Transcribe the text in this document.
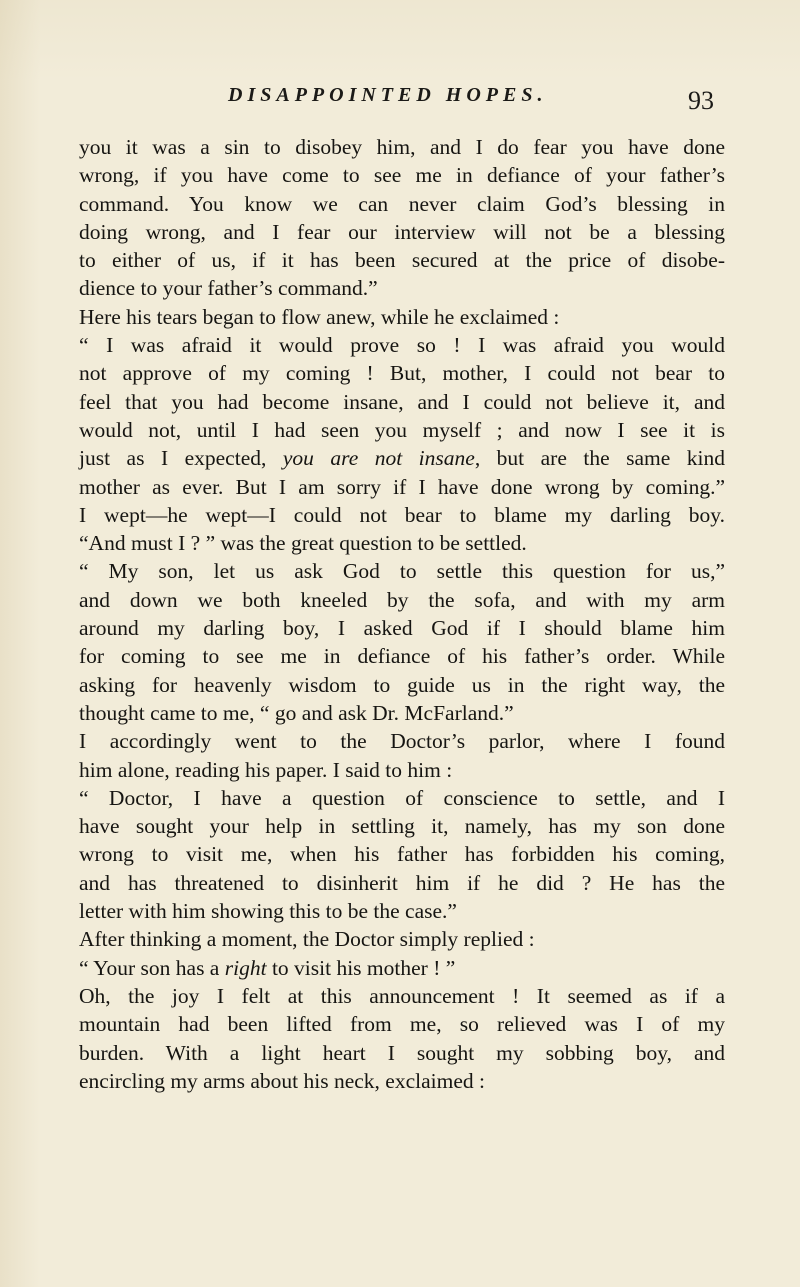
DISAPPOINTED HOPES.	93
you it was a sin to disobey him, and I do fear you have done
wrong, if you have come to see me in defiance of your father’s
command. You know we can never claim God’s blessing in
doing wrong, and I fear our interview will not be a blessing
to either of us, if it has been secured at the price of disobe-
dience to your father’s command.”
Here his tears began to flow anew, while he exclaimed :
“ I was afraid it would prove so ! I was afraid you would
not approve of my coming ! But, mother, I could not bear to
feel that you had become insane, and I could not believe it, and
would not, until I had seen you myself ; and now I see it is
just as I expected, you are not insane, but are the same kind
mother as ever. But I am sorry if I have done wrong by coming.”
I wept—he wept—I could not bear to blame my darling boy.
“And must I ? ” was the great question to be settled.
“ My son, let us ask God to settle this question for us,”
and down we both kneeled by the sofa, and with my arm
around my darling boy, I asked God if I should blame him
for coming to see me in defiance of his father’s order. While
asking for heavenly wisdom to guide us in the right way, the
thought came to me, “ go and ask Dr. McFarland.”
I accordingly went to the Doctor’s parlor, where I found
him alone, reading his paper. I said to him :
“ Doctor, I have a question of conscience to settle, and I
have sought your help in settling it, namely, has my son done
wrong to visit me, when his father has forbidden his coming,
and has threatened to disinherit him if he did ? He has the
letter with him showing this to be the case.”
After thinking a moment, the Doctor simply replied :
“ Your son has a right to visit his mother ! ”
Oh, the joy I felt at this announcement ! It seemed as if a
mountain had been lifted from me, so relieved was I of my
burden. With a light heart I sought my sobbing boy, and
encircling my arms about his neck, exclaimed :
